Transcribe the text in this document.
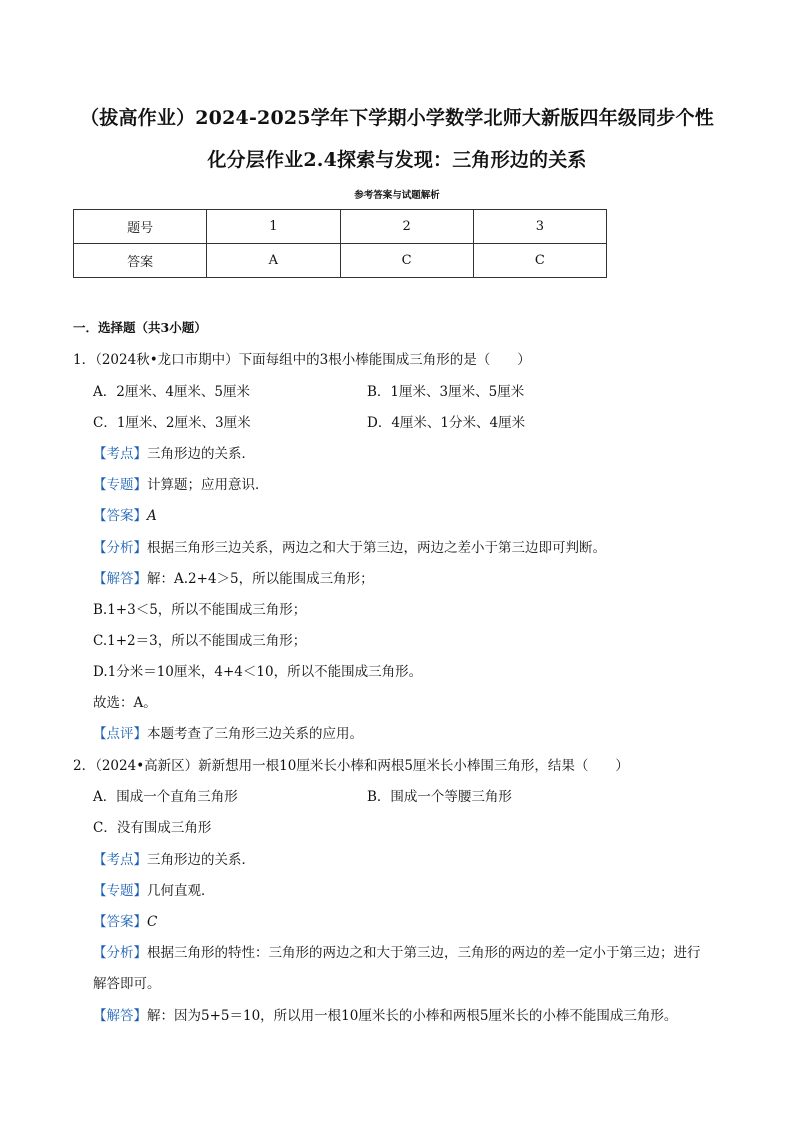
（拔高作业）2024-2025学年下学期小学数学北师大新版四年级同步个性
化分层作业2.4探索与发现：三角形边的关系
参考答案与试题解析
题号	1	2	3
答案	A	C	C
一．选择题（共3小题）
1．（2024秋•龙口市期中）下面每组中的3根小棒能围成三角形的是（　　）
A．2厘米、4厘米、5厘米	B．1厘米、3厘米、5厘米
C．1厘米、2厘米、3厘米	D．4厘米、1分米、4厘米
【考点】三角形边的关系．
【专题】计算题；应用意识．
【答案】A
【分析】根据三角形三边关系，两边之和大于第三边，两边之差小于第三边即可判断。
【解答】解：A.2+4＞5，所以能围成三角形；
B.1+3＜5，所以不能围成三角形；
C.1+2＝3，所以不能围成三角形；
D.1分米＝10厘米，4+4＜10，所以不能围成三角形。
故选：A。
【点评】本题考查了三角形三边关系的应用。
2．（2024•高新区）新新想用一根10厘米长小棒和两根5厘米长小棒围三角形，结果（　　）
A．围成一个直角三角形	B．围成一个等腰三角形
C．没有围成三角形
【考点】三角形边的关系．
【专题】几何直观．
【答案】C
【分析】根据三角形的特性：三角形的两边之和大于第三边，三角形的两边的差一定小于第三边；进行
解答即可。
【解答】解：因为5+5＝10，所以用一根10厘米长的小棒和两根5厘米长的小棒不能围成三角形。
